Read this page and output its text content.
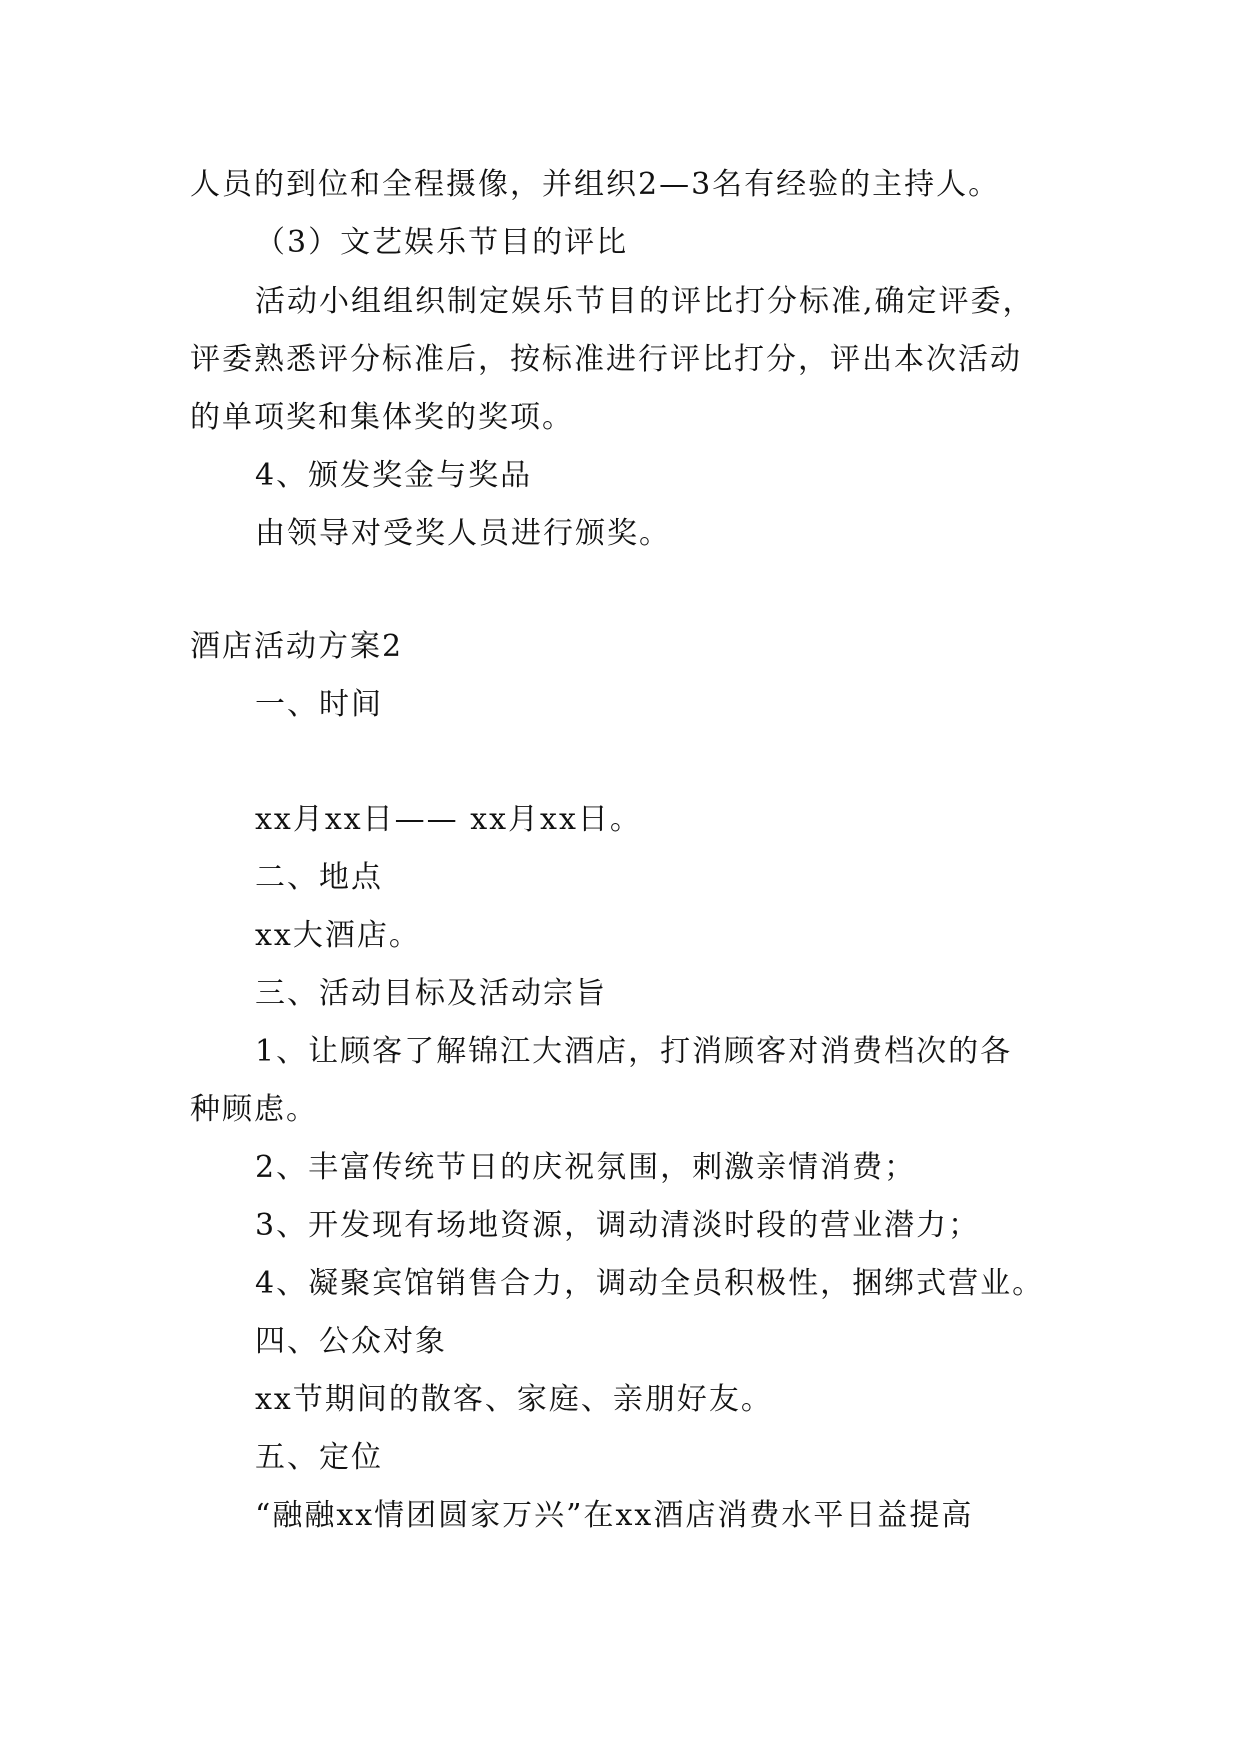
人员的到位和全程摄像，并组织2—3名有经验的主持人。
（3）文艺娱乐节目的评比
活动小组组织制定娱乐节目的评比打分标准,确定评委，
评委熟悉评分标准后，按标准进行评比打分，评出本次活动
的单项奖和集体奖的奖项。
4、颁发奖金与奖品
由领导对受奖人员进行颁奖。
酒店活动方案2
一、时间
xx月xx日—— xx月xx日。
二、地点
xx大酒店。
三、活动目标及活动宗旨
1、让顾客了解锦江大酒店，打消顾客对消费档次的各
种顾虑。
2、丰富传统节日的庆祝氛围，刺激亲情消费；
3、开发现有场地资源，调动清淡时段的营业潜力；
4、凝聚宾馆销售合力，调动全员积极性，捆绑式营业。
四、公众对象
xx节期间的散客、家庭、亲朋好友。
五、定位
“融融xx情团圆家万兴”在xx酒店消费水平日益提高
